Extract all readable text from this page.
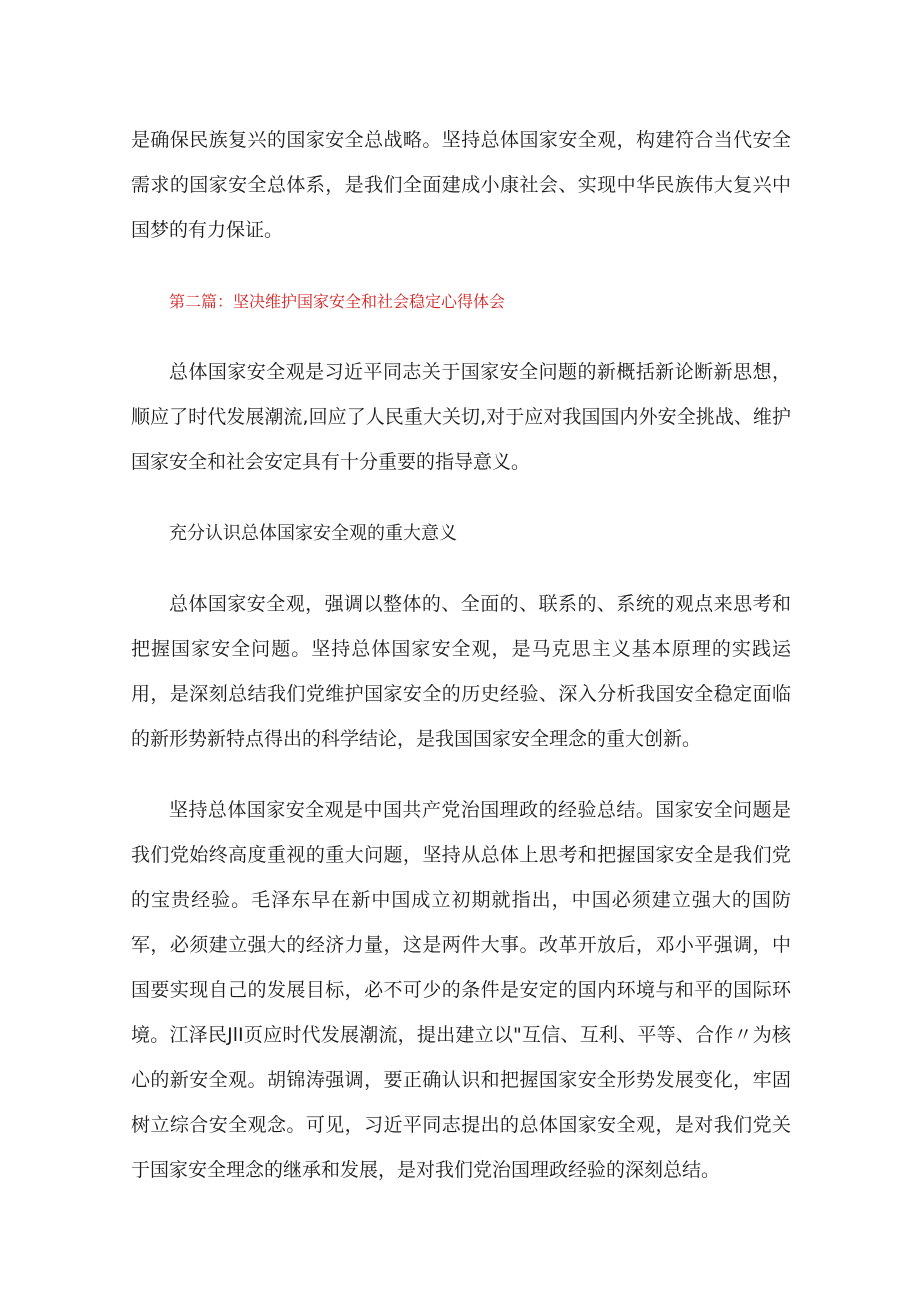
是确保民族复兴的国家安全总战略。坚持总体国家安全观，构建符合当代安全需求的国家安全总体系，是我们全面建成小康社会、实现中华民族伟大复兴中国梦的有力保证。

第二篇：坚决维护国家安全和社会稳定心得体会

总体国家安全观是习近平同志关于国家安全问题的新概括新论断新思想，顺应了时代发展潮流,回应了人民重大关切,对于应对我国国内外安全挑战、维护国家安全和社会安定具有十分重要的指导意义。

充分认识总体国家安全观的重大意义

总体国家安全观，强调以整体的、全面的、联系的、系统的观点来思考和把握国家安全问题。坚持总体国家安全观，是马克思主义基本原理的实践运用，是深刻总结我们党维护国家安全的历史经验、深入分析我国安全稳定面临的新形势新特点得出的科学结论，是我国国家安全理念的重大创新。

坚持总体国家安全观是中国共产党治国理政的经验总结。国家安全问题是我们党始终高度重视的重大问题，坚持从总体上思考和把握国家安全是我们党的宝贵经验。毛泽东早在新中国成立初期就指出，中国必须建立强大的国防军，必须建立强大的经济力量，这是两件大事。改革开放后，邓小平强调，中国要实现自己的发展目标，必不可少的条件是安定的国内环境与和平的国际环境。江泽民JlI页应时代发展潮流，提出建立以"互信、互利、平等、合作〃为核心的新安全观。胡锦涛强调，要正确认识和把握国家安全形势发展变化，牢固树立综合安全观念。可见，习近平同志提出的总体国家安全观，是对我们党关于国家安全理念的继承和发展，是对我们党治国理政经验的深刻总结。
